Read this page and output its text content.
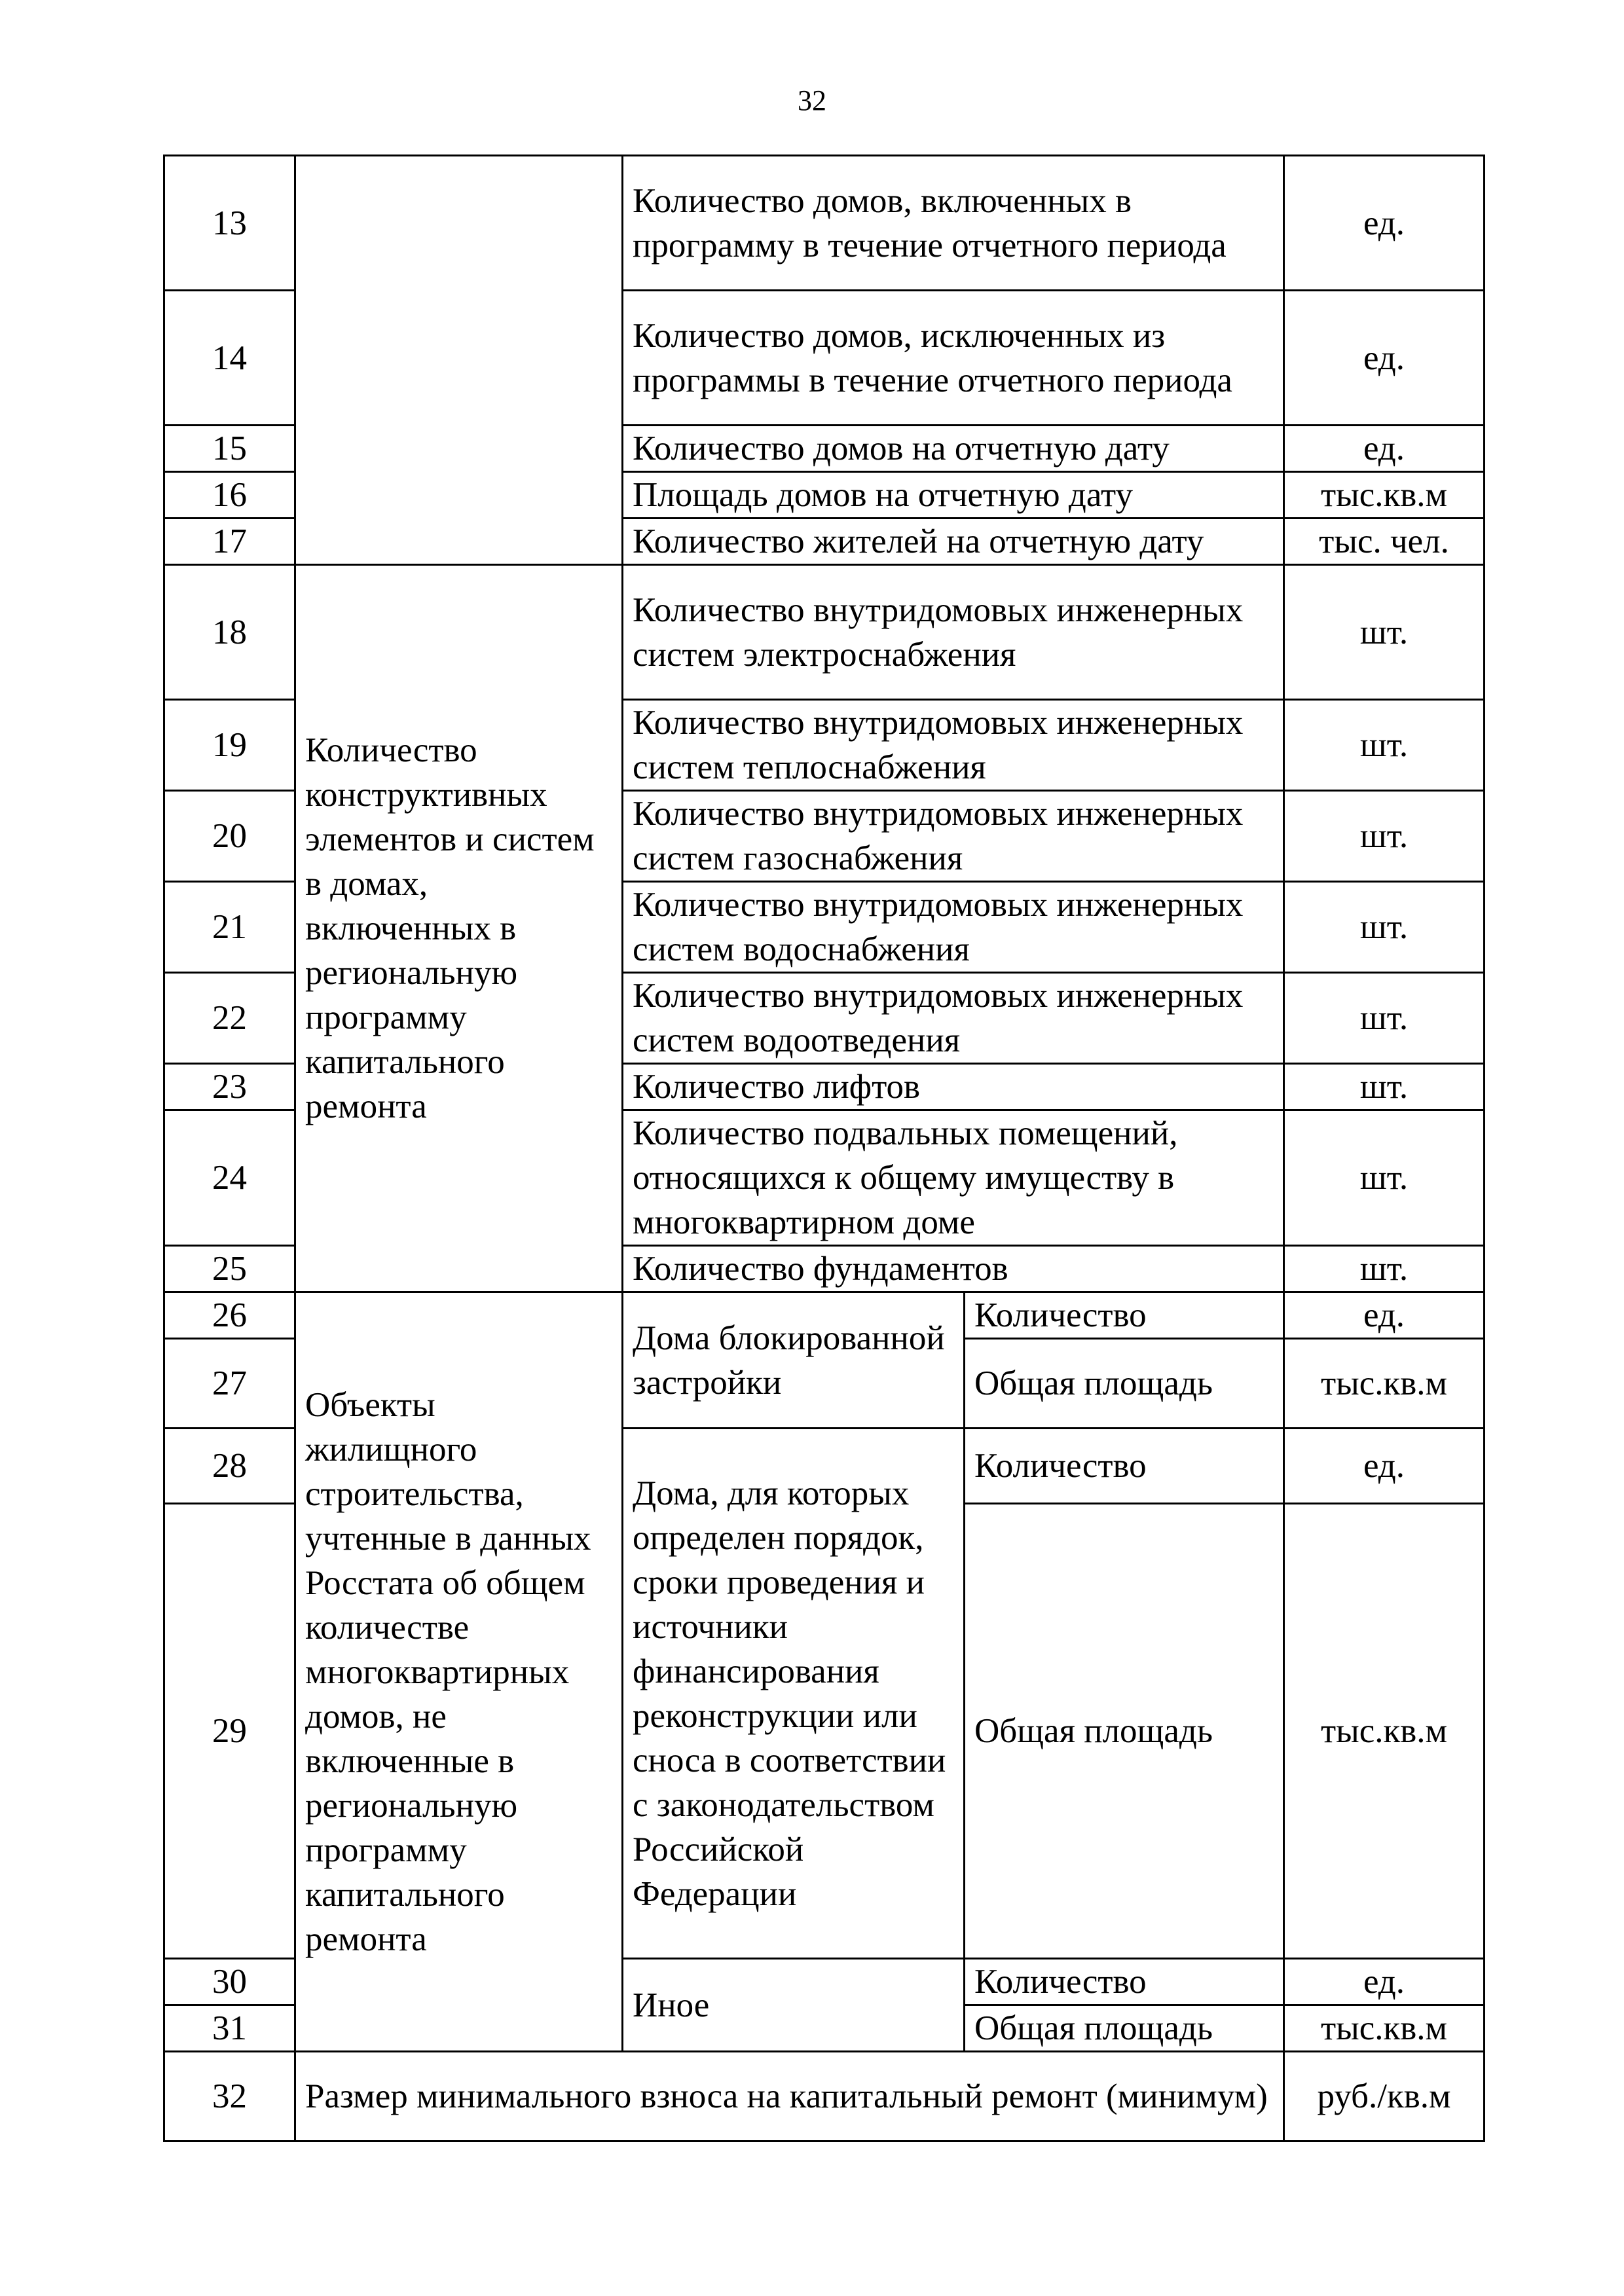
32
13		Количество домов, включенных в программу в течение отчетного периода		ед.
14		Количество домов, исключенных из программы в течение отчетного периода		ед.
15		Количество домов на отчетную дату		ед.
16		Площадь домов на отчетную дату		тыс.кв.м
17		Количество жителей на отчетную дату		тыс. чел.
18	Количество конструктивных элементов и систем в домах, включенных в региональную программу капитального ремонта	Количество внутридомовых инженерных систем электроснабжения		шт.
19		Количество внутридомовых инженерных систем теплоснабжения		шт.
20		Количество внутридомовых инженерных систем газоснабжения		шт.
21		Количество внутридомовых инженерных систем водоснабжения		шт.
22		Количество внутридомовых инженерных систем водоотведения		шт.
23		Количество лифтов		шт.
24		Количество подвальных помещений, относящихся к общему имуществу в многоквартирном доме		шт.
25		Количество фундаментов		шт.
26	Объекты жилищного строительства, учтенные в данных Росстата об общем количестве многоквартирных домов, не включенные в региональную программу капитального ремонта	Дома блокированной застройки	Количество	ед.
27			Общая площадь	тыс.кв.м
28		Дома, для которых определен порядок, сроки проведения и источники финансирования реконструкции или сноса в соответствии с законодательством Российской Федерации	Количество	ед.
29			Общая площадь	тыс.кв.м
30		Иное	Количество	ед.
31			Общая площадь	тыс.кв.м
32	Размер минимального взноса на капитальный ремонт (минимум)			руб./кв.м
